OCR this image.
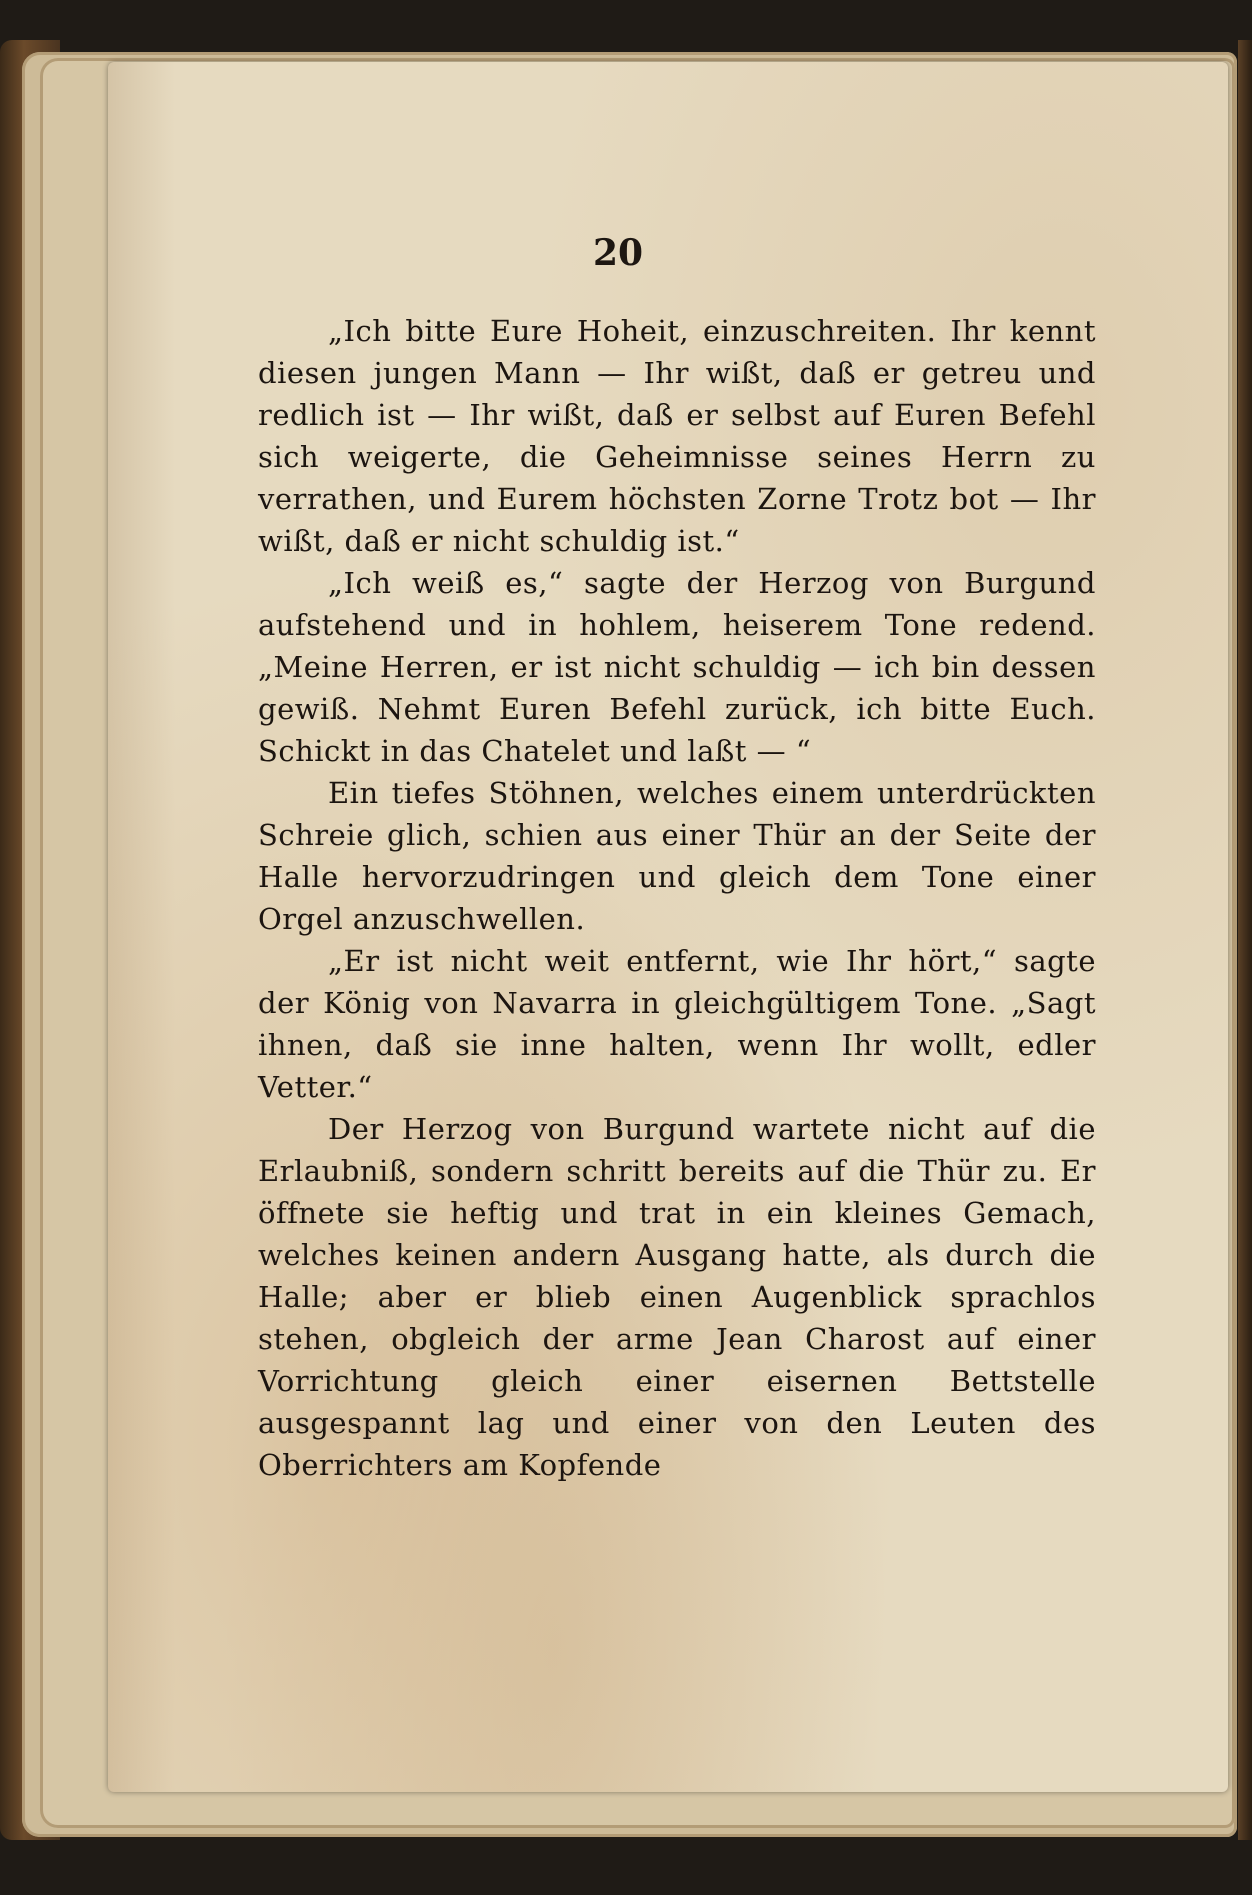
20

„Ich bitte Eure Hoheit, einzuschreiten. Ihr kennt diesen jungen Mann — Ihr wißt, daß er getreu und redlich ist — Ihr wißt, daß er selbst auf Euren Befehl sich weigerte, die Geheimnisse seines Herrn zu verrathen, und Eurem höchsten Zorne Trotz bot — Ihr wißt, daß er nicht schuldig ist.“

„Ich weiß es,“ sagte der Herzog von Burgund aufstehend und in hohlem, heiserem Tone redend. „Meine Herren, er ist nicht schuldig — ich bin dessen gewiß. Nehmt Euren Befehl zurück, ich bitte Euch. Schickt in das Chatelet und laßt — “

Ein tiefes Stöhnen, welches einem unterdrückten Schreie glich, schien aus einer Thür an der Seite der Halle hervorzudringen und gleich dem Tone einer Orgel anzuschwellen.

„Er ist nicht weit entfernt, wie Ihr hört,“ sagte der König von Navarra in gleichgültigem Tone. „Sagt ihnen, daß sie inne halten, wenn Ihr wollt, edler Vetter.“

Der Herzog von Burgund wartete nicht auf die Erlaubniß, sondern schritt bereits auf die Thür zu. Er öffnete sie heftig und trat in ein kleines Gemach, welches keinen andern Ausgang hatte, als durch die Halle; aber er blieb einen Augenblick sprachlos stehen, obgleich der arme Jean Charost auf einer Vorrichtung gleich einer eisernen Bettstelle ausgespannt lag und einer von den Leuten des Oberrichters am Kopfende
